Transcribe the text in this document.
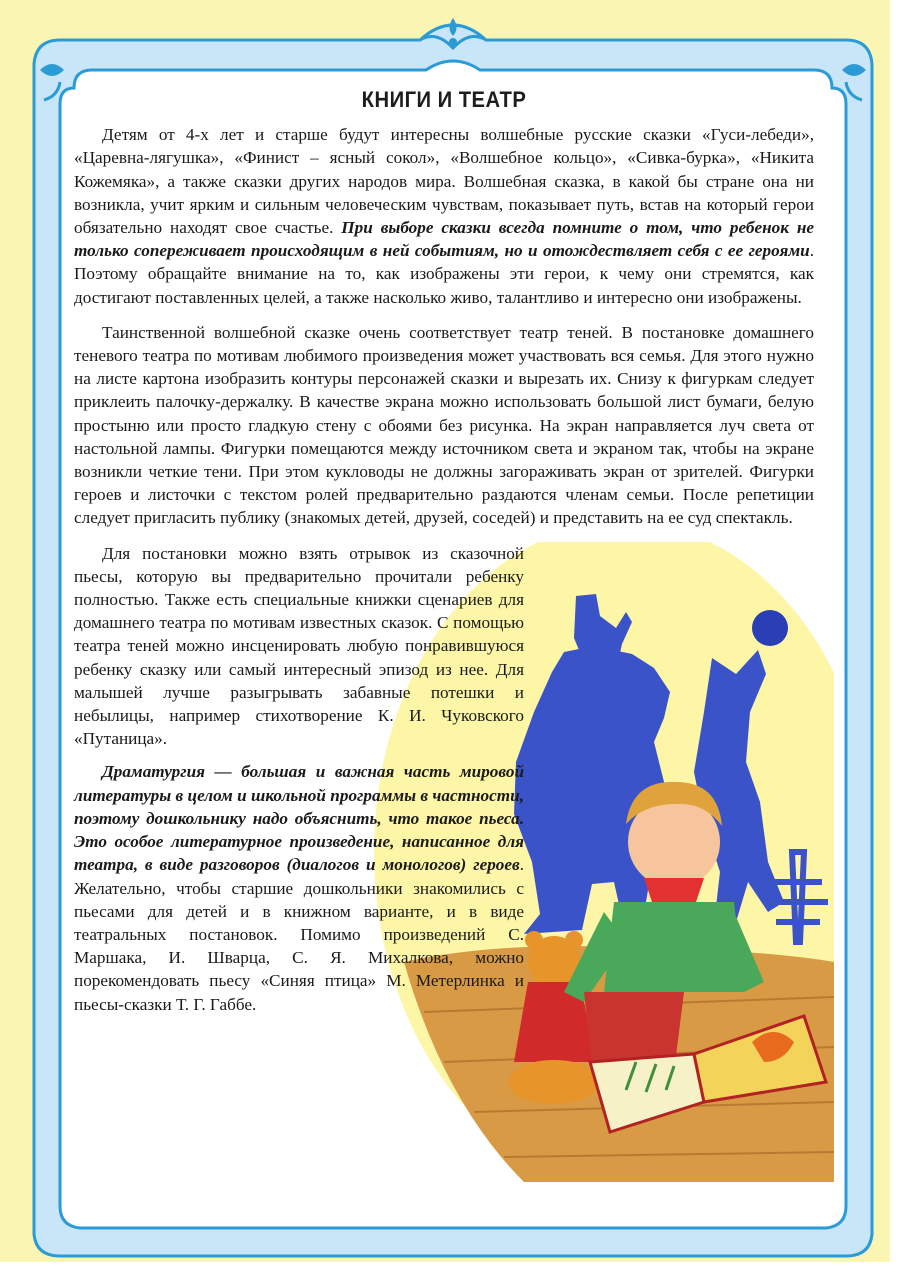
КНИГИ И ТЕАТР

Детям от 4-х лет и старше будут интересны волшебные русские сказки «Гуси-лебеди», «Царевна-лягушка», «Финист – ясный сокол», «Волшебное кольцо», «Сивка-бурка», «Никита Кожемяка», а также сказки других народов мира. Волшебная сказка, в какой бы стране она ни возникла, учит ярким и сильным человеческим чувствам, показывает путь, встав на который герои обязательно находят свое счастье. При выборе сказки всегда помните о том, что ребенок не только сопереживает происходящим в ней событиям, но и отождествляет себя с ее героями. Поэтому обращайте внимание на то, как изображены эти герои, к чему они стремятся, как достигают поставленных целей, а также насколько живо, талантливо и интересно они изображены.

Таинственной волшебной сказке очень соответствует театр теней. В постановке домашнего теневого театра по мотивам любимого произведения может участвовать вся семья. Для этого нужно на листе картона изобразить контуры персонажей сказки и вырезать их. Снизу к фигуркам следует приклеить палочку-держалку. В качестве экрана можно использовать большой лист бумаги, белую простыню или просто гладкую стену с обоями без рисунка. На экран направляется луч света от настольной лампы. Фигурки помещаются между источником света и экраном так, чтобы на экране возникли четкие тени. При этом кукловоды не должны загораживать экран от зрителей. Фигурки героев и листочки с текстом ролей предварительно раздаются членам семьи. После репетиции следует пригласить публику (знакомых детей, друзей, соседей) и представить на ее суд спектакль.

Для постановки можно взять отрывок из сказочной пьесы, которую вы предварительно прочитали ребенку полностью. Также есть специальные книжки сценариев для домашнего театра по мотивам известных сказок. С помощью театра теней можно инсценировать любую понравившуюся ребенку сказку или самый интересный эпизод из нее. Для малышей лучше разыгрывать забавные потешки и небылицы, например стихотворение К. И. Чуковского «Путаница».

Драматургия — большая и важная часть мировой литературы в целом и школьной программы в частности, поэтому дошкольнику надо объяснить, что такое пьеса. Это особое литературное произведение, написанное для театра, в виде разговоров (диалогов и монологов) героев. Желательно, чтобы старшие дошкольники знакомились с пьесами для детей и в книжном варианте, и в виде театральных постановок. Помимо произведений С. Маршака, И. Шварца, С. Я. Михалкова, можно порекомендовать пьесу «Синяя птица» М. Метерлинка и пьесы-сказки Т. Г. Габбе.
